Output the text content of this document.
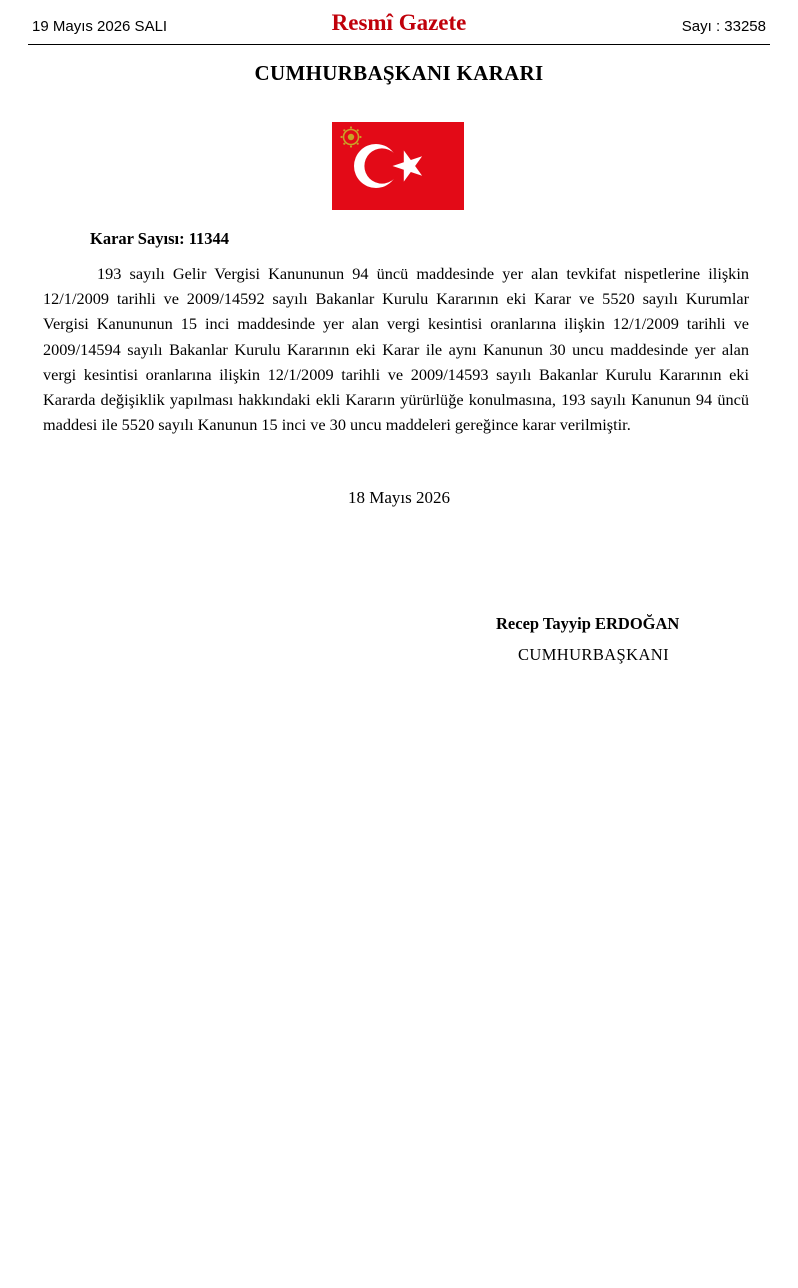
19 Mayıs 2026 SALI	Resmî Gazete	Sayı : 33258
CUMHURBAŞKANI KARARI
Karar Sayısı: 11344

193 sayılı Gelir Vergisi Kanununun 94 üncü maddesinde yer alan tevkifat nispetlerine ilişkin 12/1/2009 tarihli ve 2009/14592 sayılı Bakanlar Kurulu Kararının eki Karar ve 5520 sayılı Kurumlar Vergisi Kanununun 15 inci maddesinde yer alan vergi kesintisi oranlarına ilişkin 12/1/2009 tarihli ve 2009/14594 sayılı Bakanlar Kurulu Kararının eki Karar ile aynı Kanunun 30 uncu maddesinde yer alan vergi kesintisi oranlarına ilişkin 12/1/2009 tarihli ve 2009/14593 sayılı Bakanlar Kurulu Kararının eki Kararda değişiklik yapılması hakkındaki ekli Kararın yürürlüğe konulmasına, 193 sayılı Kanunun 94 üncü maddesi ile 5520 sayılı Kanunun 15 inci ve 30 uncu maddeleri gereğince karar verilmiştir.

18 Mayıs 2026
Recep Tayyip ERDOĞAN
CUMHURBAŞKANI
